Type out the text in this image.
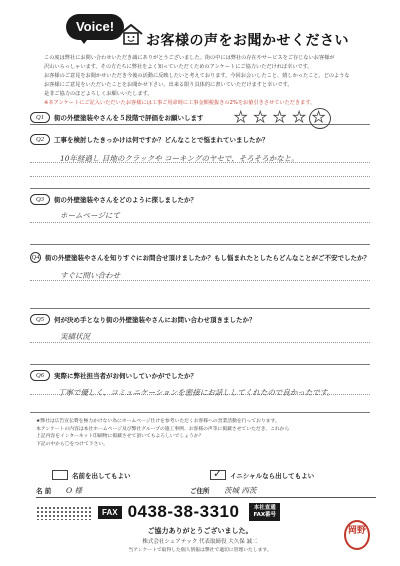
Voice!
お客様の声をお聞かせください

この度は弊社にお問い合わせいただき誠にありがとうございました。街の中には弊社の存在やサービスをご存じないお客様が

沢山いらっしゃいます。その方たちに弊社をよく知っていただくためのアンケートにご協力いただければ幸いです。

お客様のご意見をお聞かせいただき今後の活動に反映したいと考えております。今回お会いしたこと、嬉しかったこと、どのような

お客様にご意見をいただいたことをお聞かせ下さい。出来る限り具体的に書いていただけますと幸いです。

是非ご協力のほどよろしくお願いいたします。

※本アンケートにご記入いただいたお客様には工事ご用命時に工事金額税抜きの2%をお値引きさせていただきます。

Q1	街の外壁塗装やさんを５段階で評価をお願いします ★ ★ ★ ★ ★
Q2	工事を検討したきっかけは何ですか？どんなことで悩まれていましたか？
10年経過し 目地のクラックや コーキングのヤセで、そろそろかなと。
Q3	街の外壁塗装やさんをどのように探しましたか？
ホームページにて
Q4 街の外壁塗装やさんを知りすぐにお問合せ頂けましたか？もし悩まれたとしたらどんなことがご不安でしたか？
すぐに問い合わせ
Q5	何が決め手となり街の外壁塗装やさんにお問い合わせ頂きましたか？
実績状況
Q6	実際に弊社担当者がお伺いしていかがでしたか？
丁寧で優しく、コミュニケーションを密接にお話ししてくれたので良かったです。

★弊社は広告宣伝費を極力かけない為にホームページ仕けを参考いただくお客様への営業活動を行っております。

本アンケートの内容は本社ホームページ及び弊社グループの施工事例、お客様の声等に掲載させていただき、これから

上記内容をインターネット印刷物に掲載させて頂いてもよろしいでしょうか？

下記の中から〇をつけて下さい。

名前を出してもよい	✓ イニシャルなら出してもよい
名 前	O 様	ご住所	茨城 西茨
FAX 0438-38-3310	本社直通
FAX番号
ご協力ありがとうございました。
株式会社シェアテック 代表取締役 大久保 誠二
当アンケートで取得した個人情報は弊社で適切に管理いたします。
岡野
